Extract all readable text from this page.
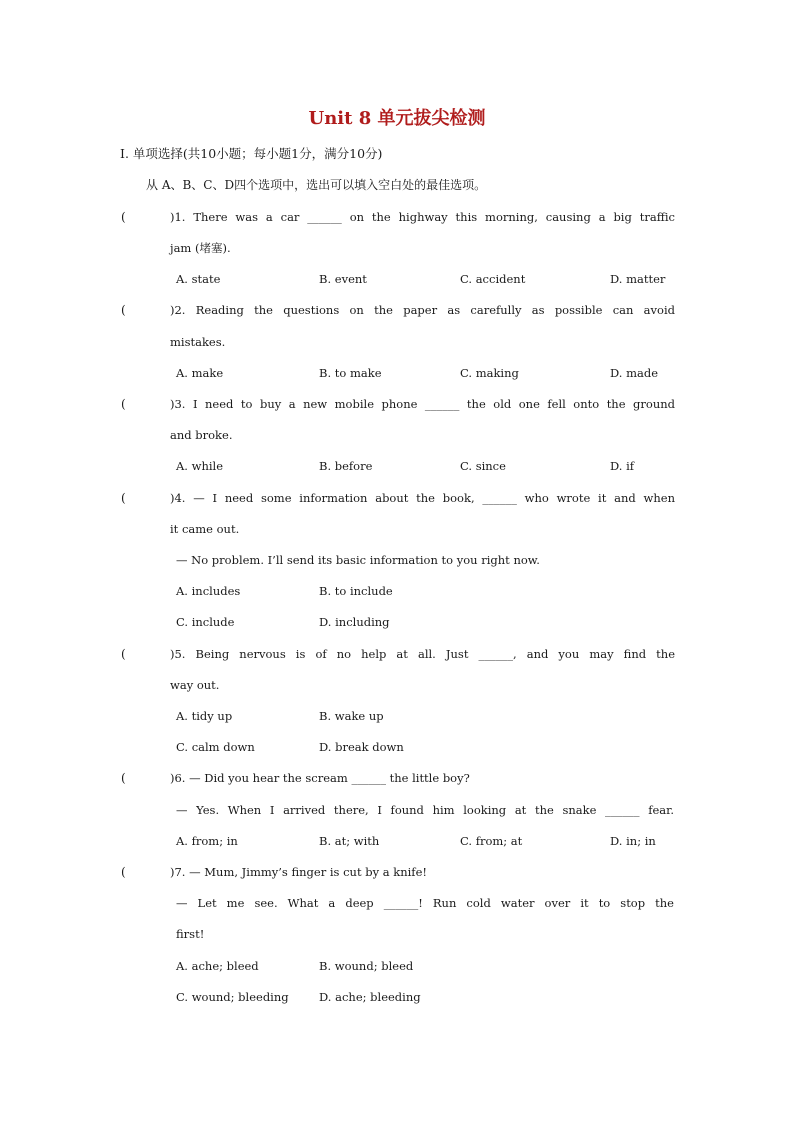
Unit 8 单元拔尖检测
I. 单项选择(共10小题；每小题1分，满分10分)
从 A、B、C、D四个选项中，选出可以填入空白处的最佳选项。
(	)1. There was a car ______ on the highway this morning, causing a big traffic
jam (堵塞).
A. state	B. event	C. accident	D. matter
(	)2. Reading the questions on the paper as carefully as possible can avoid
mistakes.
A. make	B. to make	C. making	D. made
(	)3. I need to buy a new mobile phone ______ the old one fell onto the ground
and broke.
A. while	B. before	C. since	D. if
(	)4. — I need some information about the book, ______ who wrote it and when
it came out.
— No problem. I’ll send its basic information to you right now.
A. includes	B. to include
C. include	D. including
(	)5. Being nervous is of no help at all. Just ______, and you may find the
way out.
A. tidy up	B. wake up
C. calm down	D. break down
(	)6. — Did you hear the scream ______ the little boy?
— Yes. When I arrived there, I found him looking at the snake ______ fear.
A. from; in	B. at; with	C. from; at	D. in; in
(	)7. — Mum, Jimmy’s finger is cut by a knife!
— Let me see. What a deep ______! Run cold water over it to stop the
first!
A. ache; bleed	B. wound; bleed
C. wound; bleeding	D. ache; bleeding
